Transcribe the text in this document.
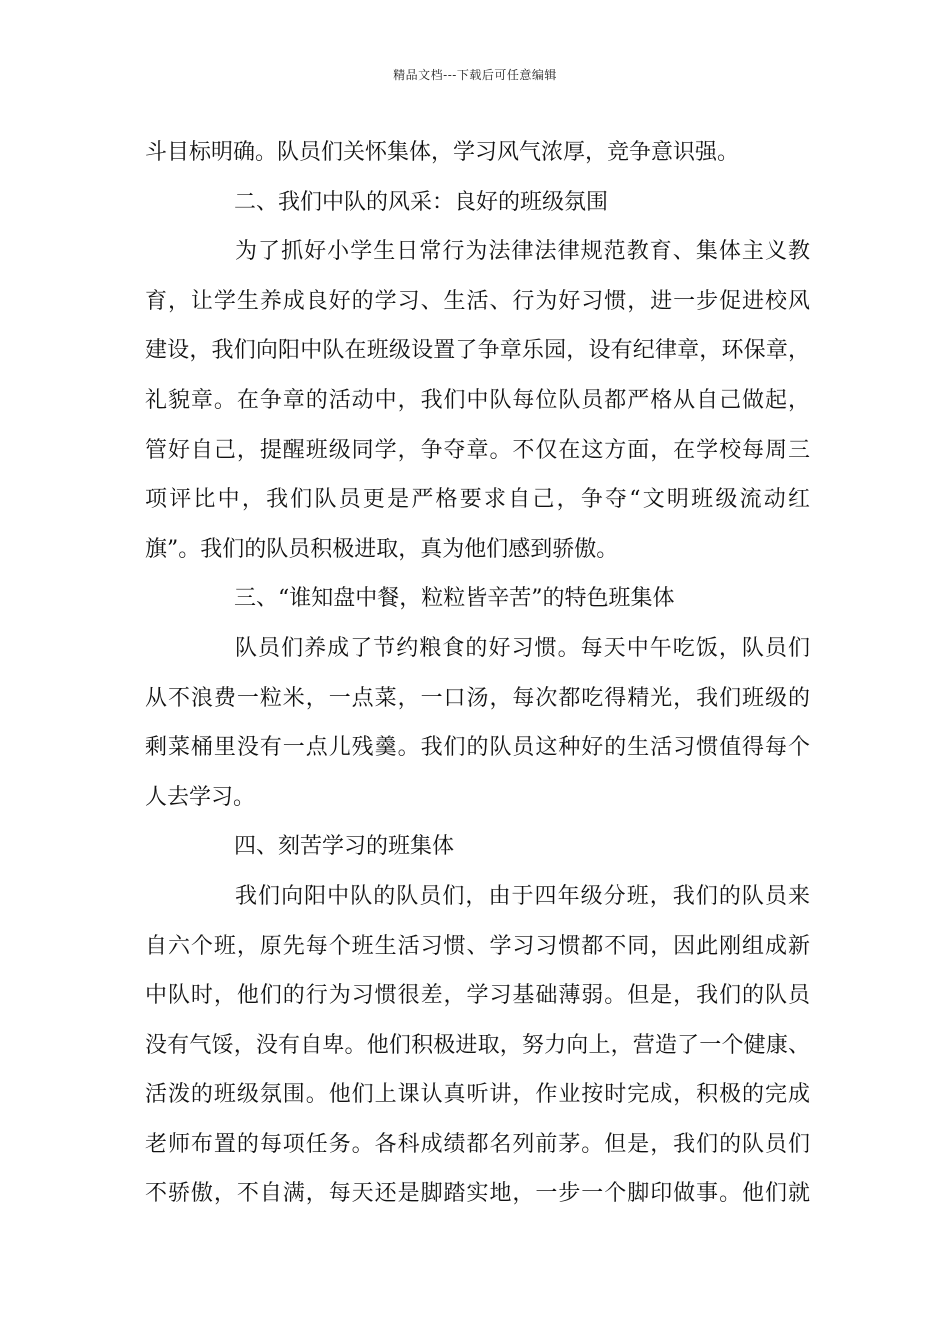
精品文档---下载后可任意编辑
斗目标明确。队员们关怀集体，学习风气浓厚，竞争意识强。
二、我们中队的风采：良好的班级氛围
为了抓好小学生日常行为法律法律规范教育、集体主义教
育，让学生养成良好的学习、生活、行为好习惯，进一步促进校风
建设，我们向阳中队在班级设置了争章乐园，设有纪律章，环保章，
礼貌章。在争章的活动中，我们中队每位队员都严格从自己做起，
管好自己，提醒班级同学，争夺章。不仅在这方面，在学校每周三
项评比中，我们队员更是严格要求自己，争夺“文明班级流动红
旗”。我们的队员积极进取，真为他们感到骄傲。
三、“谁知盘中餐，粒粒皆辛苦”的特色班集体
队员们养成了节约粮食的好习惯。每天中午吃饭，队员们
从不浪费一粒米，一点菜，一口汤，每次都吃得精光，我们班级的
剩菜桶里没有一点儿残羹。我们的队员这种好的生活习惯值得每个
人去学习。
四、刻苦学习的班集体
我们向阳中队的队员们，由于四年级分班，我们的队员来
自六个班，原先每个班生活习惯、学习习惯都不同，因此刚组成新
中队时，他们的行为习惯很差，学习基础薄弱。但是，我们的队员
没有气馁，没有自卑。他们积极进取，努力向上，营造了一个健康、
活泼的班级氛围。他们上课认真听讲，作业按时完成，积极的完成
老师布置的每项任务。各科成绩都名列前茅。但是，我们的队员们
不骄傲，不自满，每天还是脚踏实地，一步一个脚印做事。他们就
